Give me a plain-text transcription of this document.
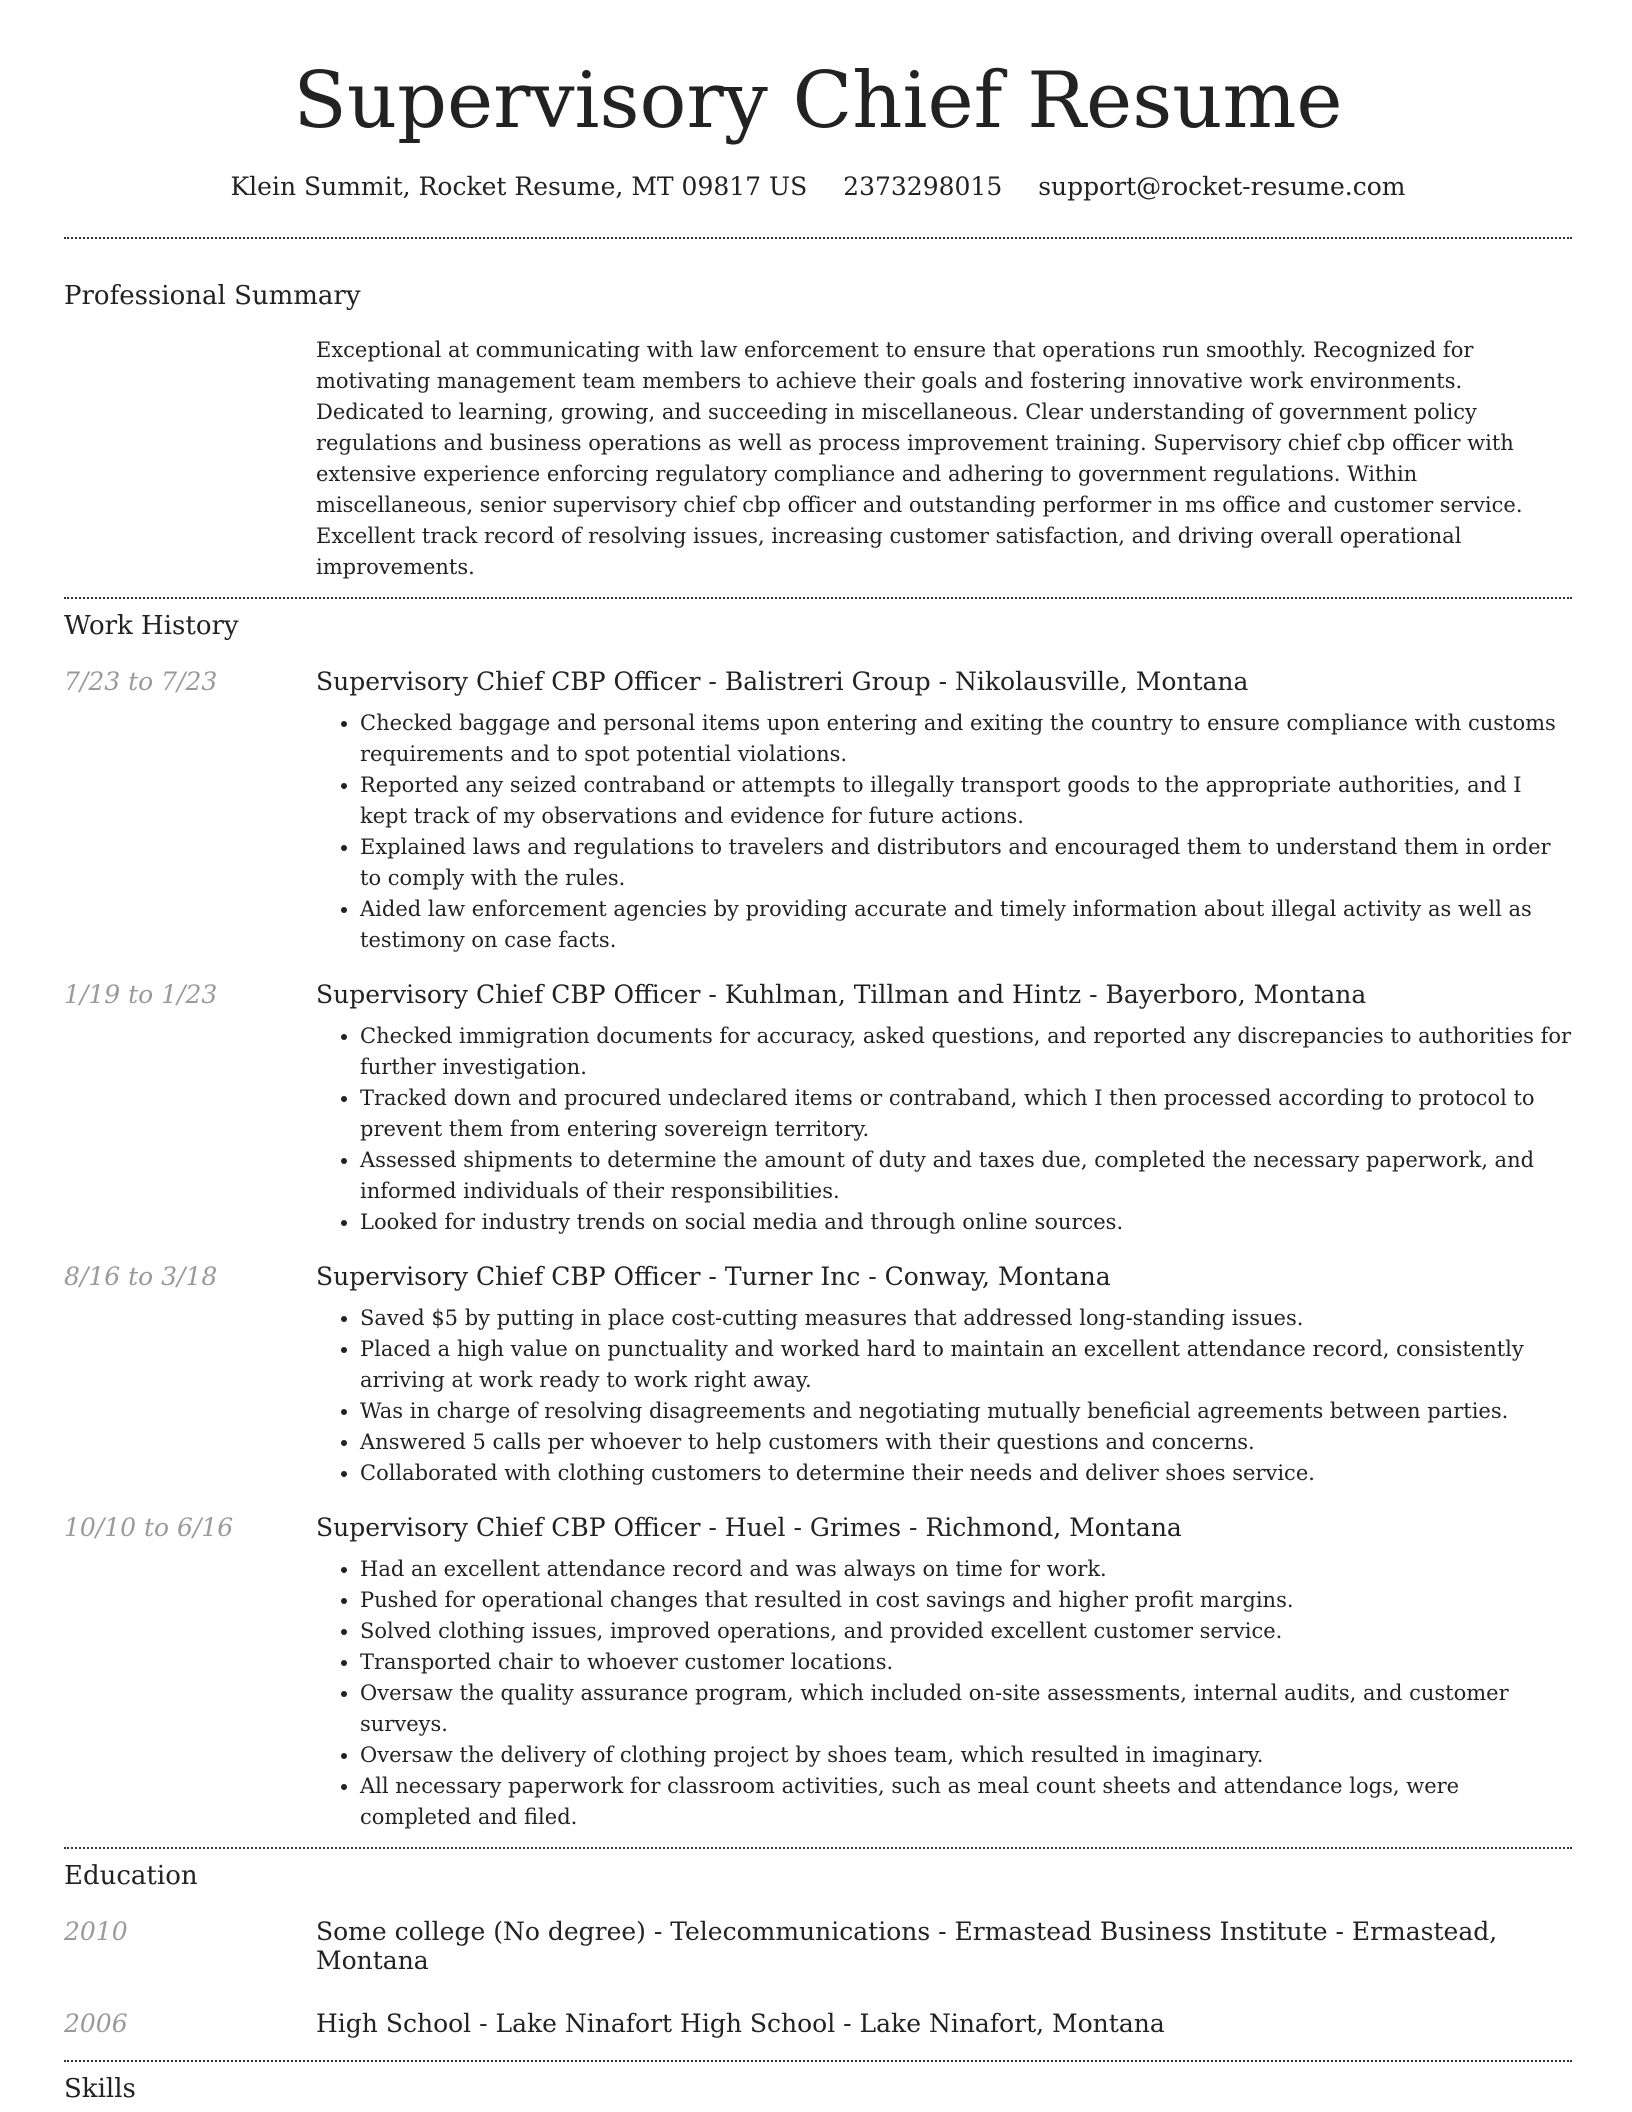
Supervisory Chief Resume
Klein Summit, Rocket Resume, MT 09817 US 2373298015 support@rocket-resume.com
Professional Summary
Exceptional at communicating with law enforcement to ensure that operations run smoothly. Recognized for motivating management team members to achieve their goals and fostering innovative work environments. Dedicated to learning, growing, and succeeding in miscellaneous. Clear understanding of government policy regulations and business operations as well as process improvement training. Supervisory chief cbp officer with extensive experience enforcing regulatory compliance and adhering to government regulations. Within miscellaneous, senior supervisory chief cbp officer and outstanding performer in ms office and customer service. Excellent track record of resolving issues, increasing customer satisfaction, and driving overall operational improvements.
Work History
7/23 to 7/23	Supervisory Chief CBP Officer - Balistreri Group - Nikolausville, Montana
• Checked baggage and personal items upon entering and exiting the country to ensure compliance with customs requirements and to spot potential violations.
• Reported any seized contraband or attempts to illegally transport goods to the appropriate authorities, and I kept track of my observations and evidence for future actions.
• Explained laws and regulations to travelers and distributors and encouraged them to understand them in order to comply with the rules.
• Aided law enforcement agencies by providing accurate and timely information about illegal activity as well as testimony on case facts.
1/19 to 1/23	Supervisory Chief CBP Officer - Kuhlman, Tillman and Hintz - Bayerboro, Montana
• Checked immigration documents for accuracy, asked questions, and reported any discrepancies to authorities for further investigation.
• Tracked down and procured undeclared items or contraband, which I then processed according to protocol to prevent them from entering sovereign territory.
• Assessed shipments to determine the amount of duty and taxes due, completed the necessary paperwork, and informed individuals of their responsibilities.
• Looked for industry trends on social media and through online sources.
8/16 to 3/18	Supervisory Chief CBP Officer - Turner Inc - Conway, Montana
• Saved $5 by putting in place cost-cutting measures that addressed long-standing issues.
• Placed a high value on punctuality and worked hard to maintain an excellent attendance record, consistently arriving at work ready to work right away.
• Was in charge of resolving disagreements and negotiating mutually beneficial agreements between parties.
• Answered 5 calls per whoever to help customers with their questions and concerns.
• Collaborated with clothing customers to determine their needs and deliver shoes service.
10/10 to 6/16	Supervisory Chief CBP Officer - Huel - Grimes - Richmond, Montana
• Had an excellent attendance record and was always on time for work.
• Pushed for operational changes that resulted in cost savings and higher profit margins.
• Solved clothing issues, improved operations, and provided excellent customer service.
• Transported chair to whoever customer locations.
• Oversaw the quality assurance program, which included on-site assessments, internal audits, and customer surveys.
• Oversaw the delivery of clothing project by shoes team, which resulted in imaginary.
• All necessary paperwork for classroom activities, such as meal count sheets and attendance logs, were completed and filed.
Education
2010	Some college (No degree) - Telecommunications - Ermastead Business Institute - Ermastead, Montana
2006	High School - Lake Ninafort High School - Lake Ninafort, Montana
Skills
